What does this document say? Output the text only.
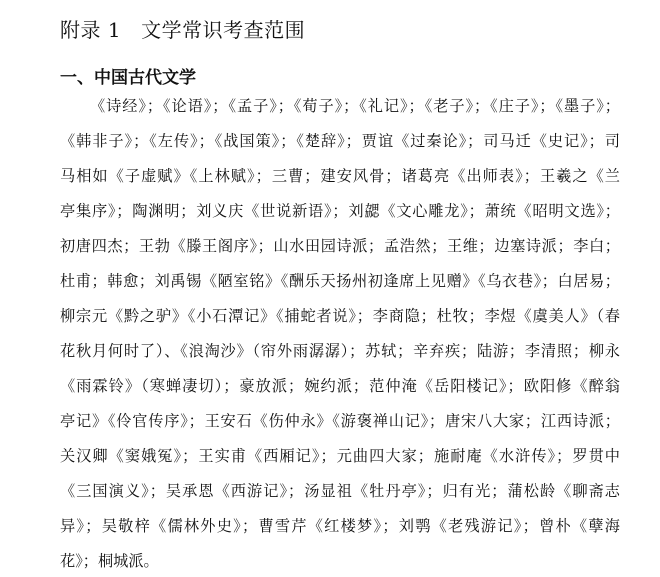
附录 1 文学常识考查范围
一、中国古代文学
《诗经》；《论语》；《孟子》；《荀子》；《礼记》；《老子》；《庄子》；《墨子》；
《韩非子》；《左传》；《战国策》；《楚辞》；贾谊《过秦论》；司马迁《史记》；司
马相如《子虚赋》《上林赋》；三曹；建安风骨；诸葛亮《出师表》；王羲之《兰
亭集序》；陶渊明；刘义庆《世说新语》；刘勰《文心雕龙》；萧统《昭明文选》；
初唐四杰；王勃《滕王阁序》；山水田园诗派；孟浩然；王维；边塞诗派；李白；
杜甫；韩愈；刘禹锡《陋室铭》《酬乐天扬州初逢席上见赠》《乌衣巷》；白居易；
柳宗元《黔之驴》《小石潭记》《捕蛇者说》；李商隐；杜牧；李煜《虞美人》（春
花秋月何时了）、《浪淘沙》（帘外雨潺潺）；苏轼；辛弃疾；陆游；李清照；柳永
《雨霖铃》（寒蝉凄切）；豪放派；婉约派；范仲淹《岳阳楼记》；欧阳修《醉翁
亭记》《伶官传序》；王安石《伤仲永》《游褒禅山记》；唐宋八大家；江西诗派；
关汉卿《窦娥冤》；王实甫《西厢记》；元曲四大家；施耐庵《水浒传》；罗贯中
《三国演义》；吴承恩《西游记》；汤显祖《牡丹亭》；归有光；蒲松龄《聊斋志
异》；吴敬梓《儒林外史》；曹雪芹《红楼梦》；刘鹗《老残游记》；曾朴《孽海
花》；桐城派。
